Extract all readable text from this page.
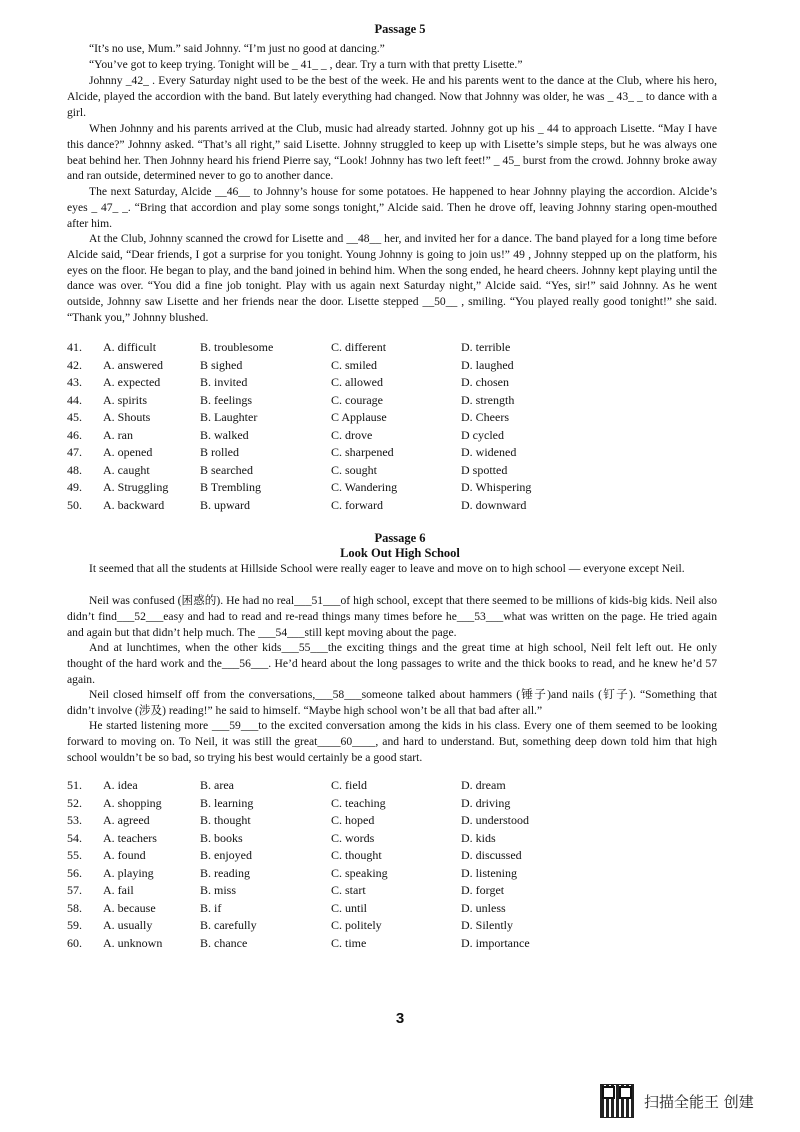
Passage 5

“It’s no use, Mum.” said Johnny. “I’m just no good at dancing.”

“You’ve got to keep trying. Tonight will be _ 41_ _ , dear. Try a turn with that pretty Lisette.”

Johnny _42_ . Every Saturday night used to be the best of the week. He and his parents went to the dance at the Club, where his hero, Alcide, played the accordion with the band. But lately everything had changed. Now that Johnny was older, he was _ 43_ _ to dance with a girl.

When Johnny and his parents arrived at the Club, music had already started. Johnny got up his _ 44 to approach Lisette. “May I have this dance?” Johnny asked. “That’s all right,” said Lisette. Johnny struggled to keep up with Lisette’s simple steps, but he was always one beat behind her. Then Johnny heard his friend Pierre say, “Look! Johnny has two left feet!” _ 45_ burst from the crowd. Johnny broke away and ran outside, determined never to go to another dance.

The next Saturday, Alcide __46__ to Johnny’s house for some potatoes. He happened to hear Johnny playing the accordion. Alcide’s eyes _ 47_ _. “Bring that accordion and play some songs tonight,” Alcide said. Then he drove off, leaving Johnny staring open-mouthed after him.

At the Club, Johnny scanned the crowd for Lisette and __48__ her, and invited her for a dance. The band played for a long time before Alcide said, “Dear friends, I got a surprise for you tonight. Young Johnny is going to join us!” 49 , Johnny stepped up on the platform, his eyes on the floor. He began to play, and the band joined in behind him. When the song ended, he heard cheers. Johnny kept playing until the dance was over. “You did a fine job tonight. Play with us again next Saturday night,” Alcide said. “Yes, sir!” said Johnny. As he went outside, Johnny saw Lisette and her friends near the door. Lisette stepped __50__ , smiling. “You played really good tonight!” she said. “Thank you,” Johnny blushed.

41. A. difficult	B. troublesome	C. different	D. terrible
42. A. answered	B sighed	C. smiled	D. laughed
43. A. expected	B. invited	C. allowed	D. chosen
44. A. spirits	B. feelings	C. courage	D. strength
45. A. Shouts	B. Laughter	C Applause	D. Cheers
46. A. ran	B. walked	C. drove	D cycled
47. A. opened	B rolled	C. sharpened	D. widened
48. A. caught	B searched	C. sought	D spotted
49. A. Struggling	B Trembling	C. Wandering	D. Whispering
50. A. backward	B. upward	C. forward	D. downward
Passage 6
Look Out High School

It seemed that all the students at Hillside School were really eager to leave and move on to high school — everyone except Neil.

Neil was confused (困惑的). He had no real___51___of high school, except that there seemed to be millions of kids-big kids. Neil also didn’t find___52___easy and had to read and re-read things many times before he___53___what was written on the page. He tried again and again but that didn’t help much. The ___54___still kept moving about the page.

And at lunchtimes, when the other kids___55___the exciting things and the great time at high school, Neil felt left out. He only thought of the hard work and the___56___. He’d heard about the long passages to write and the thick books to read, and he knew he’d 57 again.

Neil closed himself off from the conversations,___58___someone talked about hammers (锤子)and nails (钉子). “Something that didn’t involve (涉及) reading!” he said to himself. “Maybe high school won’t be all that bad after all.”

He started listening more ___59___to the excited conversation among the kids in his class. Every one of them seemed to be looking forward to moving on. To Neil, it was still the great____60____, and hard to understand. But, something deep down told him that high school wouldn’t be so bad, so trying his best would certainly be a good start.

51. A. idea	B. area	C. field	D. dream
52. A. shopping	B. learning	C. teaching	D. driving
53. A. agreed	B. thought	C. hoped	D. understood
54. A. teachers	B. books	C. words	D. kids
55. A. found	B. enjoyed	C. thought	D. discussed
56. A. playing	B. reading	C. speaking	D. listening
57. A. fail	B. miss	C. start	D. forget
58. A. because	B. if	C. until	D. unless
59. A. usually	B. carefully	C. politely	D. Silently
60. A. unknown	B. chance	C. time	D. importance
3
扫描全能王 创建
